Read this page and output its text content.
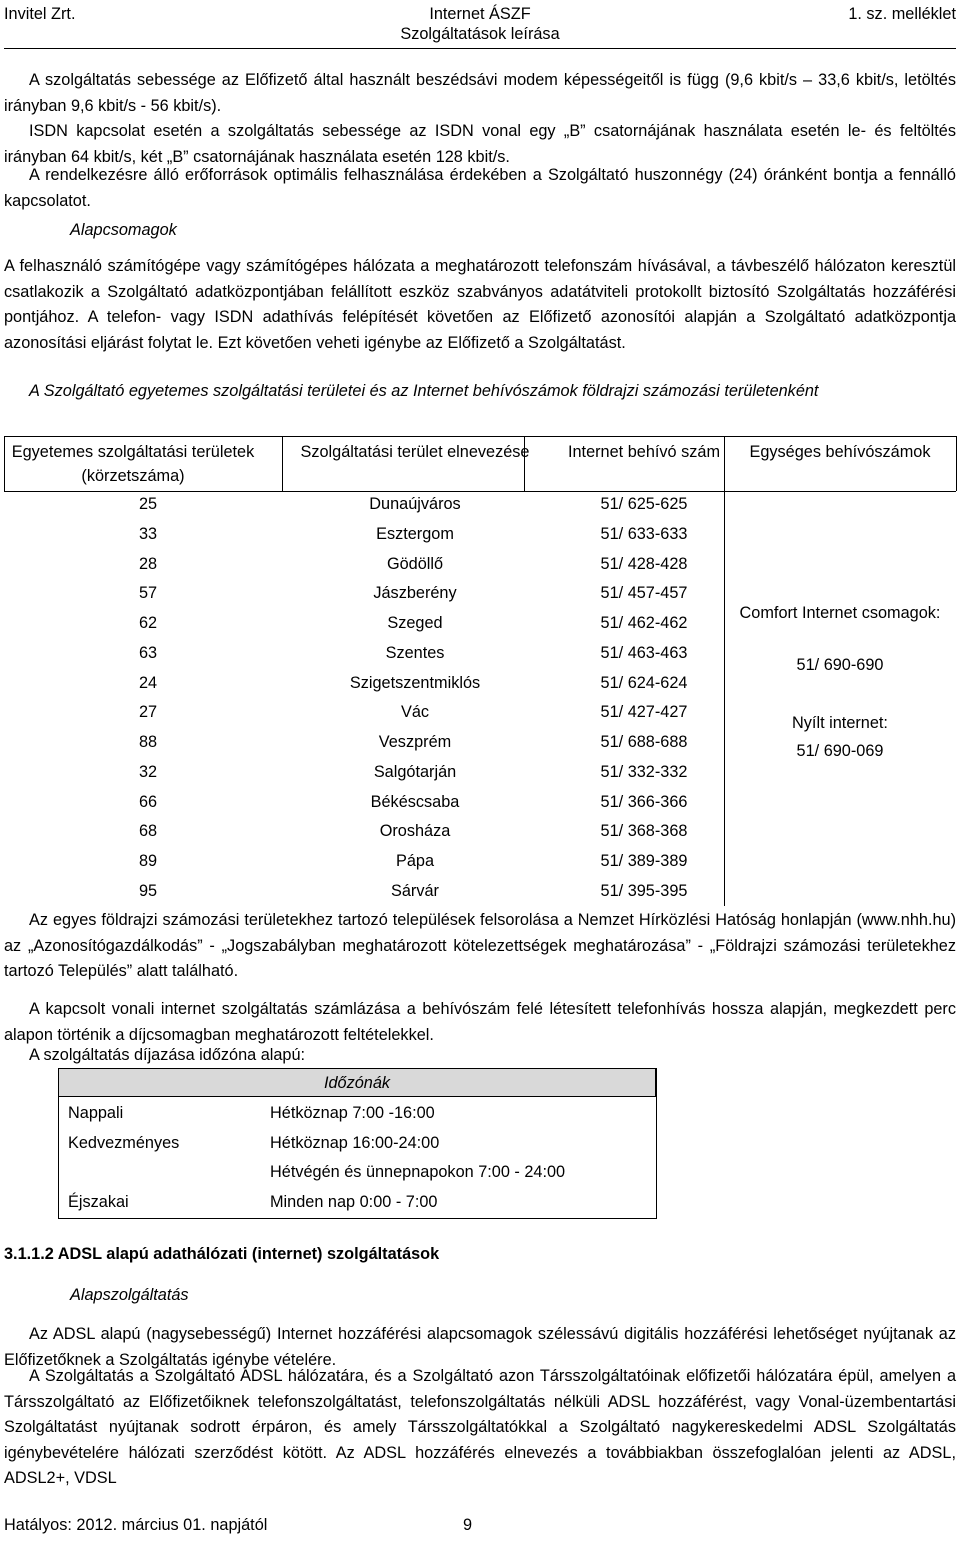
Invitel Zrt.	Internet ÁSZF
Szolgáltatások leírása
1. sz. melléklet
A szolgáltatás sebessége az Előfizető által használt beszédsávi modem képességeitől is függ (9,6 kbit/s – 33,6 kbit/s, letöltés irányban 9,6 kbit/s - 56 kbit/s).
ISDN kapcsolat esetén a szolgáltatás sebessége az ISDN vonal egy „B” csatornájának használata esetén le- és feltöltés irányban 64 kbit/s, két „B” csatornájának használata esetén 128 kbit/s.
A rendelkezésre álló erőforrások optimális felhasználása érdekében a Szolgáltató huszonnégy (24) óránként bontja a fennálló kapcsolatot.
Alapcsomagok
A felhasználó számítógépe vagy számítógépes hálózata a meghatározott telefonszám hívásával, a távbeszélő hálózaton keresztül csatlakozik a Szolgáltató adatközpontjában felállított eszköz szabványos adatátviteli protokollt biztosító Szolgáltatás hozzáférési pontjához. A telefon- vagy ISDN adathívás felépítését követően az Előfizető azonosítói alapján a Szolgáltató adatközpontja azonosítási eljárást folytat le. Ezt követően veheti igénybe az Előfizető a Szolgáltatást.
A Szolgáltató egyetemes szolgáltatási területei és az Internet behívószámok földrajzi számozási területenként
Egyetemes szolgáltatási területek (körzetszáma)
Szolgáltatási terület elnevezése	Internet behívó szám	Egységes behívószámok
25	Dunaújváros	51/ 625-625
33	Esztergom	51/ 633-633
28	Gödöllő	51/ 428-428
57	Jászberény	51/ 457-457
62	Szeged	51/ 462-462
63	Szentes	51/ 463-463
24	Szigetszentmiklós	51/ 624-624
27	Vác	51/ 427-427
88	Veszprém	51/ 688-688
32	Salgótarján	51/ 332-332
66	Békéscsaba	51/ 366-366
68	Orosháza	51/ 368-368
89	Pápa	51/ 389-389
95	Sárvár	51/ 395-395
Comfort Internet csomagok:
51/ 690-690
Nyílt internet:
51/ 690-069
Az egyes földrajzi számozási területekhez tartozó települések felsorolása a Nemzet Hírközlési Hatóság honlapján (www.nhh.hu) az „Azonosítógazdálkodás” - „Jogszabályban meghatározott kötelezettségek meghatározása” - „Földrajzi számozási területekhez tartozó Település” alatt található.
A kapcsolt vonali internet szolgáltatás számlázása a behívószám felé létesített telefonhívás hossza alapján, megkezdett perc alapon történik a díjcsomagban meghatározott feltételekkel.
A szolgáltatás díjazása időzóna alapú:
Időzónák
Nappali	Hétköznap 7:00 -16:00
Kedvezményes	Hétköznap 16:00-24:00
Hétvégén és ünnepnapokon 7:00 - 24:00
Éjszakai	Minden nap 0:00 - 7:00
3.1.1.2 ADSL alapú adathálózati (internet) szolgáltatások
Alapszolgáltatás
Az ADSL alapú (nagysebességű) Internet hozzáférési alapcsomagok szélessávú digitális hozzáférési lehetőséget nyújtanak az Előfizetőknek a Szolgáltatás igénybe vételére.
A Szolgáltatás a Szolgáltató ADSL hálózatára, és a Szolgáltató azon Társszolgáltatóinak előfizetői hálózatára épül, amelyen a Társszolgáltató az Előfizetőiknek telefonszolgáltatást, telefonszolgáltatás nélküli ADSL hozzáférést, vagy Vonal-üzembentartási Szolgáltatást nyújtanak sodrott érpáron, és amely Társszolgáltatókkal a Szolgáltató nagykereskedelmi ADSL Szolgáltatás igénybevételére hálózati szerződést kötött. Az ADSL hozzáférés elnevezés a továbbiakban összefoglalóan jelenti az ADSL, ADSL2+, VDSL
Hatályos: 2012. március 01. napjától	9
